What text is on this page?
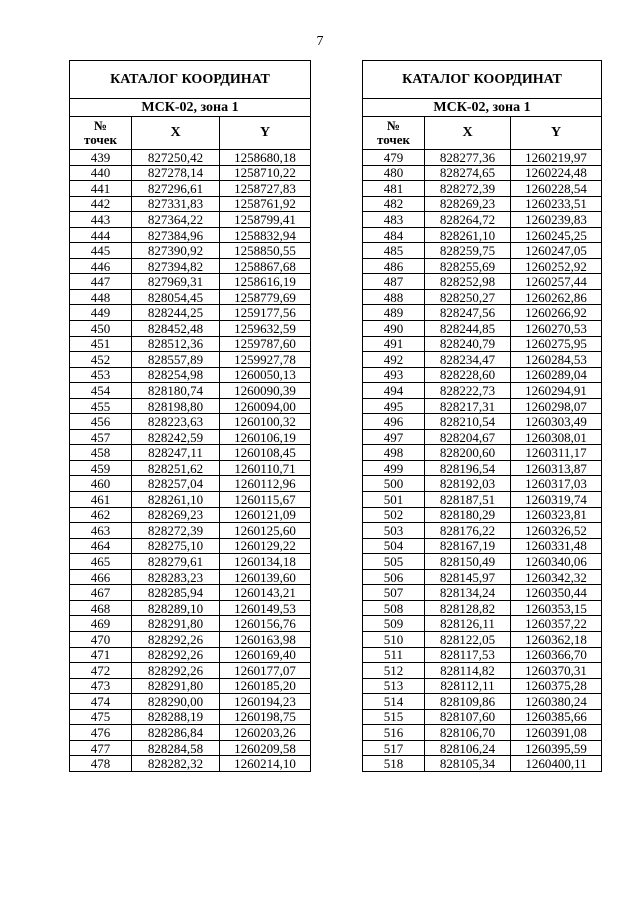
7
КАТАЛОГ КООРДИНАТ		
МСК-02, зона 1		

№
точек	X	Y
439	827250,42	1258680,18
440	827278,14	1258710,22
441	827296,61	1258727,83
442	827331,83	1258761,92
443	827364,22	1258799,41
444	827384,96	1258832,94
445	827390,92	1258850,55
446	827394,82	1258867,68
447	827969,31	1258616,19
448	828054,45	1258779,69
449	828244,25	1259177,56
450	828452,48	1259632,59
451	828512,36	1259787,60
452	828557,89	1259927,78
453	828254,98	1260050,13
454	828180,74	1260090,39
455	828198,80	1260094,00
456	828223,63	1260100,32
457	828242,59	1260106,19
458	828247,11	1260108,45
459	828251,62	1260110,71
460	828257,04	1260112,96
461	828261,10	1260115,67
462	828269,23	1260121,09
463	828272,39	1260125,60
464	828275,10	1260129,22
465	828279,61	1260134,18
466	828283,23	1260139,60
467	828285,94	1260143,21
468	828289,10	1260149,53
469	828291,80	1260156,76
470	828292,26	1260163,98
471	828292,26	1260169,40
472	828292,26	1260177,07
473	828291,80	1260185,20
474	828290,00	1260194,23
475	828288,19	1260198,75
476	828286,84	1260203,26
477	828284,58	1260209,58
478	828282,32	1260214,10
КАТАЛОГ КООРДИНАТ		
МСК-02, зона 1		

№
точек	X	Y
479	828277,36	1260219,97
480	828274,65	1260224,48
481	828272,39	1260228,54
482	828269,23	1260233,51
483	828264,72	1260239,83
484	828261,10	1260245,25
485	828259,75	1260247,05
486	828255,69	1260252,92
487	828252,98	1260257,44
488	828250,27	1260262,86
489	828247,56	1260266,92
490	828244,85	1260270,53
491	828240,79	1260275,95
492	828234,47	1260284,53
493	828228,60	1260289,04
494	828222,73	1260294,91
495	828217,31	1260298,07
496	828210,54	1260303,49
497	828204,67	1260308,01
498	828200,60	1260311,17
499	828196,54	1260313,87
500	828192,03	1260317,03
501	828187,51	1260319,74
502	828180,29	1260323,81
503	828176,22	1260326,52
504	828167,19	1260331,48
505	828150,49	1260340,06
506	828145,97	1260342,32
507	828134,24	1260350,44
508	828128,82	1260353,15
509	828126,11	1260357,22
510	828122,05	1260362,18
511	828117,53	1260366,70
512	828114,82	1260370,31
513	828112,11	1260375,28
514	828109,86	1260380,24
515	828107,60	1260385,66
516	828106,70	1260391,08
517	828106,24	1260395,59
518	828105,34	1260400,11
